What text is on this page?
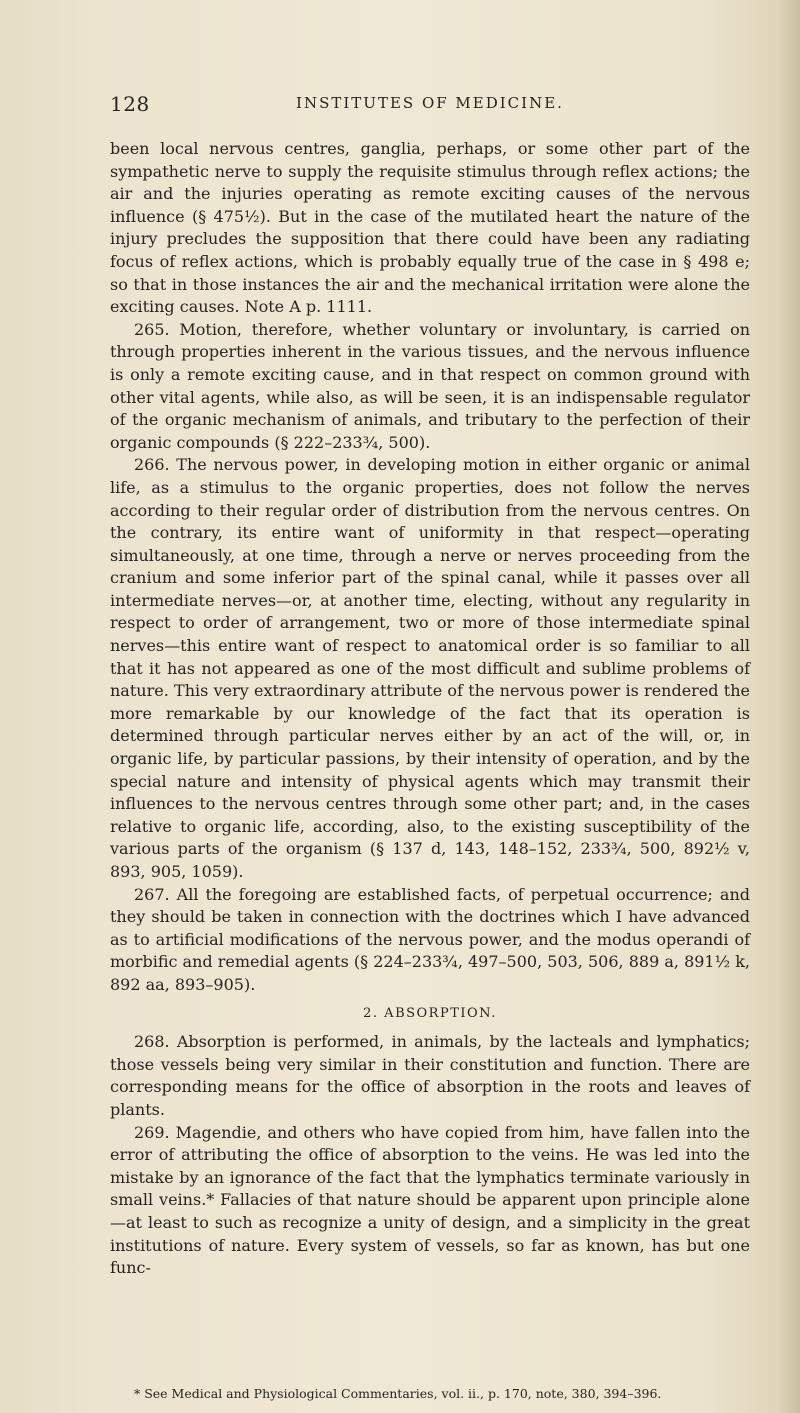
128	INSTITUTES OF MEDICINE.

been local nervous centres, ganglia, perhaps, or some other part of the sympathetic nerve to supply the requisite stimulus through reflex actions; the air and the injuries operating as remote exciting causes of the nervous influence (§ 475½). But in the case of the mutilated heart the nature of the injury precludes the supposition that there could have been any radiating focus of reflex actions, which is probably equally true of the case in § 498 e; so that in those instances the air and the mechanical irritation were alone the exciting causes. Note A p. 1111.

265. Motion, therefore, whether voluntary or involuntary, is carried on through properties inherent in the various tissues, and the nervous influence is only a remote exciting cause, and in that respect on common ground with other vital agents, while also, as will be seen, it is an indispensable regulator of the organic mechanism of animals, and tributary to the perfection of their organic compounds (§ 222–233¾, 500).

266. The nervous power, in developing motion in either organic or animal life, as a stimulus to the organic properties, does not follow the nerves according to their regular order of distribution from the nervous centres. On the contrary, its entire want of uniformity in that respect—operating simultaneously, at one time, through a nerve or nerves proceeding from the cranium and some inferior part of the spinal canal, while it passes over all intermediate nerves—or, at another time, electing, without any regularity in respect to order of arrangement, two or more of those intermediate spinal nerves—this entire want of respect to anatomical order is so familiar to all that it has not appeared as one of the most difficult and sublime problems of nature. This very extraordinary attribute of the nervous power is rendered the more remarkable by our knowledge of the fact that its operation is determined through particular nerves either by an act of the will, or, in organic life, by particular passions, by their intensity of operation, and by the special nature and intensity of physical agents which may transmit their influences to the nervous centres through some other part; and, in the cases relative to organic life, according, also, to the existing susceptibility of the various parts of the organism (§ 137 d, 143, 148–152, 233¾, 500, 892½ v, 893, 905, 1059).

267. All the foregoing are established facts, of perpetual occurrence; and they should be taken in connection with the doctrines which I have advanced as to artificial modifications of the nervous power, and the modus operandi of morbific and remedial agents (§ 224–233¾, 497–500, 503, 506, 889 a, 891½ k, 892 aa, 893–905).

2. ABSORPTION.

268. Absorption is performed, in animals, by the lacteals and lymphatics; those vessels being very similar in their constitution and function. There are corresponding means for the office of absorption in the roots and leaves of plants.

269. Magendie, and others who have copied from him, have fallen into the error of attributing the office of absorption to the veins. He was led into the mistake by an ignorance of the fact that the lymphatics terminate variously in small veins.* Fallacies of that nature should be apparent upon principle alone—at least to such as recognize a unity of design, and a simplicity in the great institutions of nature. Every system of vessels, so far as known, has but one func-

* See Medical and Physiological Commentaries, vol. ii., p. 170, note, 380, 394–396.
